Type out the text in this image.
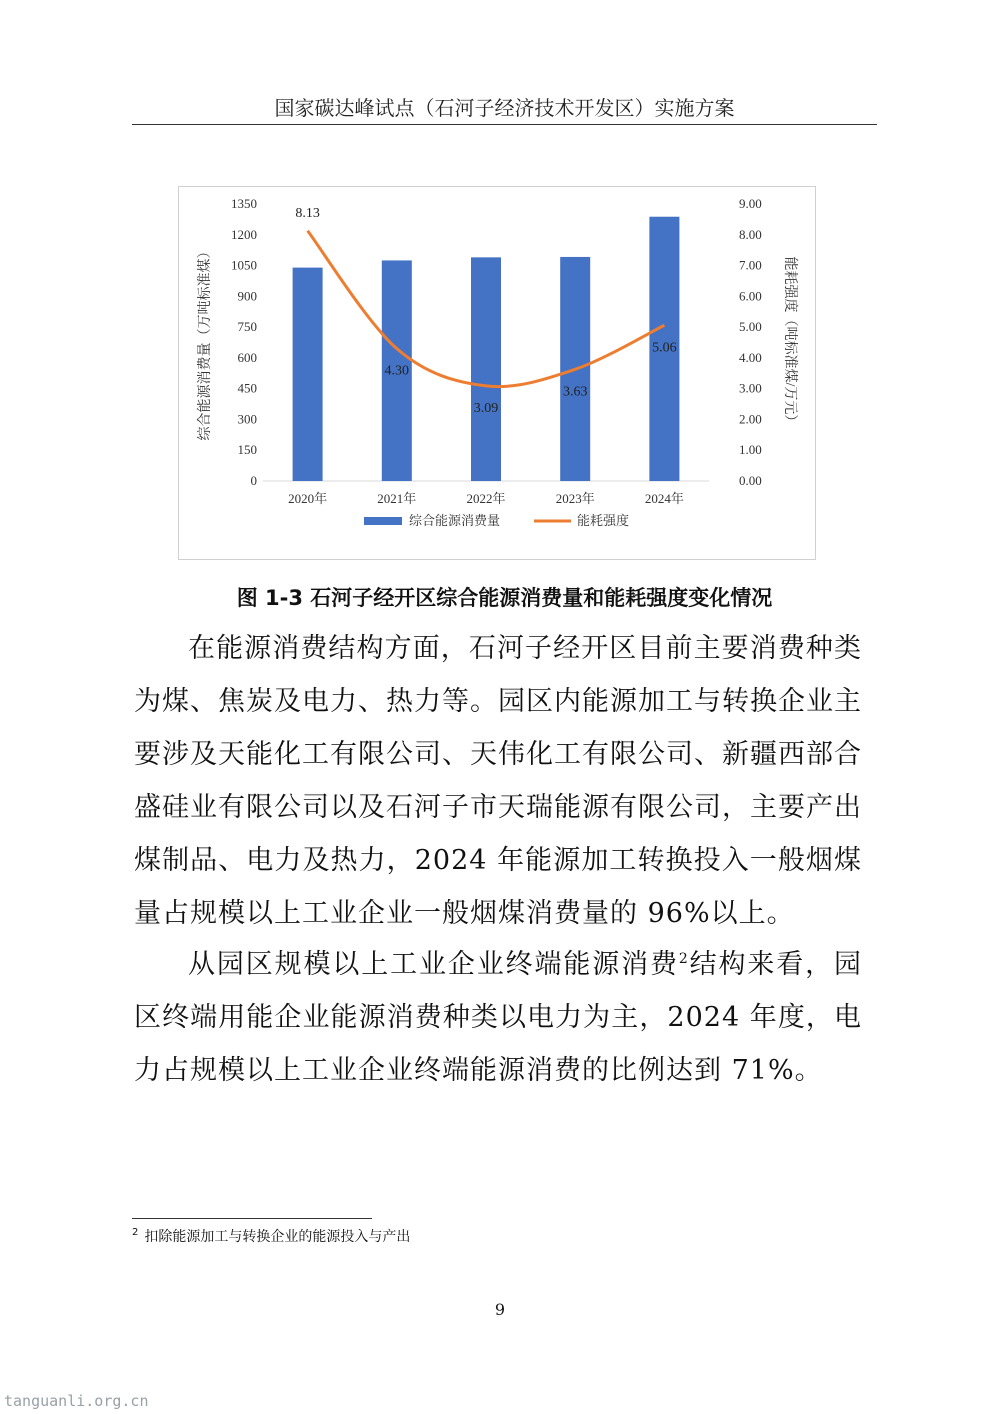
国家碳达峰试点（石河子经济技术开发区）实施方案
0
150
300
450
600
750
900
1050
1200
1350
0.00
1.00
2.00
3.00
4.00
5.00
6.00
7.00
8.00
9.00
综合能源消费量（万吨标准煤）	能耗强度（吨标准煤/万元）
2020年	2021年	2022年	2023年	2024年
8.13
4.30
3.09
3.63
5.06
综合能源消费量	能耗强度
图 1-3 石河子经开区综合能源消费量和能耗强度变化情况
在能源消费结构方面，石河子经开区目前主要消费种类为煤、焦炭及电力、热力等。园区内能源加工与转换企业主要涉及天能化工有限公司、天伟化工有限公司、新疆西部合盛硅业有限公司以及石河子市天瑞能源有限公司，主要产出煤制品、电力及热力，2024 年能源加工转换投入一般烟煤量占规模以上工业企业一般烟煤消费量的 96%以上。
从园区规模以上工业企业终端能源消费$^2$结构来看，园区终端用能企业能源消费种类以电力为主，2024 年度，电力占规模以上工业企业终端能源消费的比例达到 71%。
$^2$ 扣除能源加工与转换企业的能源投入与产出
9
tanguanli.org.cn
